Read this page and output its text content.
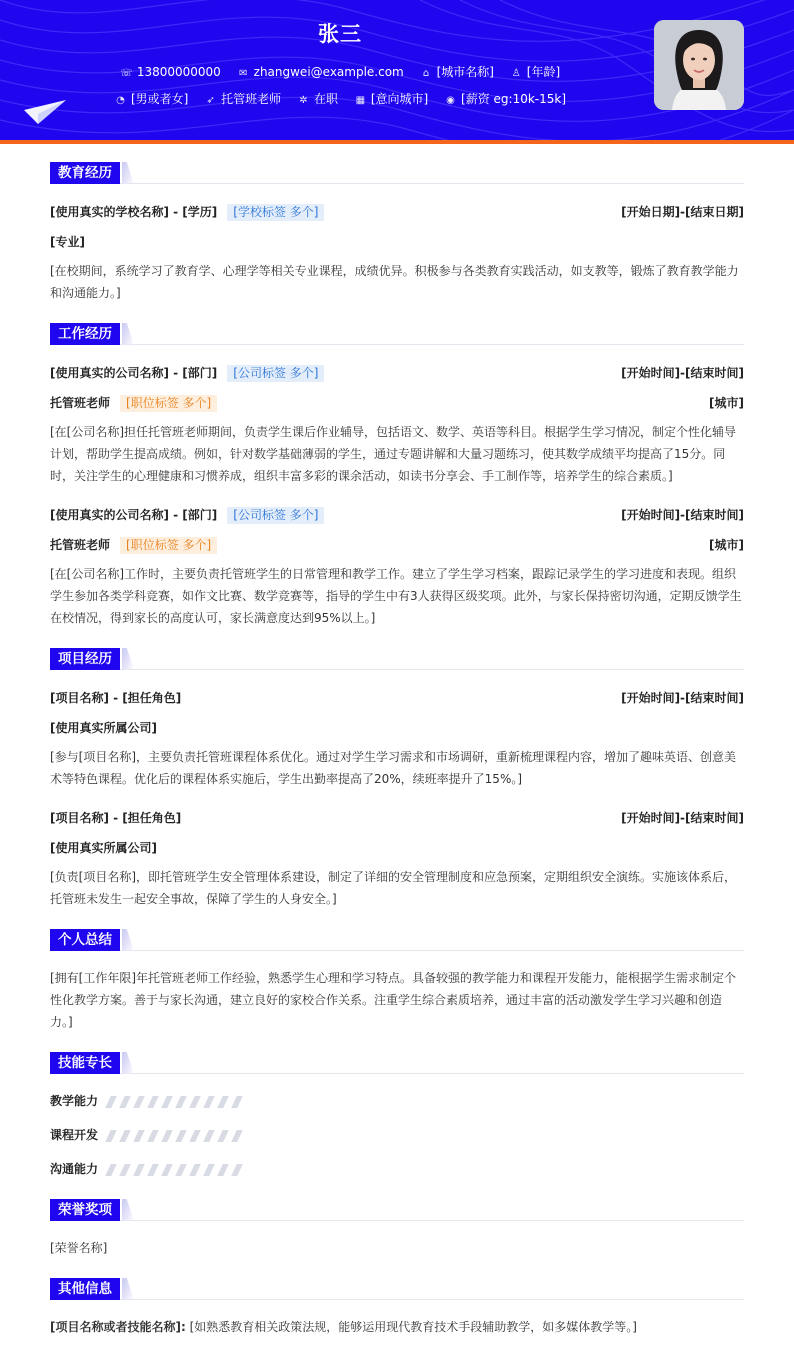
张三
☏ 13800000000 ✉ zhangwei@example.com ⌂ [城市名称] ♙ [年龄]
◔ [男或者女] ➶ 托管班老师 ✲ 在职 ▦ [意向城市] ◉ [薪资 eg:10k-15k]
教育经历
[使用真实的学校名称] - [学历] [学校标签 多个]	[开始日期]-[结束日期]
[专业]
[在校期间，系统学习了教育学、心理学等相关专业课程，成绩优异。积极参与各类教育实践活动，如支教等，锻炼了教育教学能力和沟通能力。]
工作经历
[使用真实的公司名称] - [部门] [公司标签 多个]	[开始时间]-[结束时间]
托管班老师 [职位标签 多个]	[城市]
[在[公司名称]担任托管班老师期间，负责学生课后作业辅导，包括语文、数学、英语等科目。根据学生学习情况，制定个性化辅导计划，帮助学生提高成绩。例如，针对数学基础薄弱的学生，通过专题讲解和大量习题练习，使其数学成绩平均提高了15分。同时，关注学生的心理健康和习惯养成，组织丰富多彩的课余活动，如读书分享会、手工制作等，培养学生的综合素质。]
[使用真实的公司名称] - [部门] [公司标签 多个]	[开始时间]-[结束时间]
托管班老师 [职位标签 多个]	[城市]
[在[公司名称]工作时，主要负责托管班学生的日常管理和教学工作。建立了学生学习档案，跟踪记录学生的学习进度和表现。组织学生参加各类学科竞赛，如作文比赛、数学竞赛等，指导的学生中有3人获得区级奖项。此外，与家长保持密切沟通，定期反馈学生在校情况，得到家长的高度认可，家长满意度达到95%以上。]
项目经历
[项目名称] - [担任角色]	[开始时间]-[结束时间]
[使用真实所属公司]
[参与[项目名称]，主要负责托管班课程体系优化。通过对学生学习需求和市场调研，重新梳理课程内容，增加了趣味英语、创意美术等特色课程。优化后的课程体系实施后，学生出勤率提高了20%，续班率提升了15%。]
[项目名称] - [担任角色]	[开始时间]-[结束时间]
[使用真实所属公司]
[负责[项目名称]，即托管班学生安全管理体系建设，制定了详细的安全管理制度和应急预案，定期组织安全演练。实施该体系后，托管班未发生一起安全事故，保障了学生的人身安全。]
个人总结
[拥有[工作年限]年托管班老师工作经验，熟悉学生心理和学习特点。具备较强的教学能力和课程开发能力，能根据学生需求制定个性化教学方案。善于与家长沟通，建立良好的家校合作关系。注重学生综合素质培养，通过丰富的活动激发学生学习兴趣和创造力。]
技能专长
教学能力
课程开发
沟通能力
荣誉奖项
[荣誉名称]
其他信息
[项目名称或者技能名称]: [如熟悉教育相关政策法规，能够运用现代教育技术手段辅助教学，如多媒体教学等。]
